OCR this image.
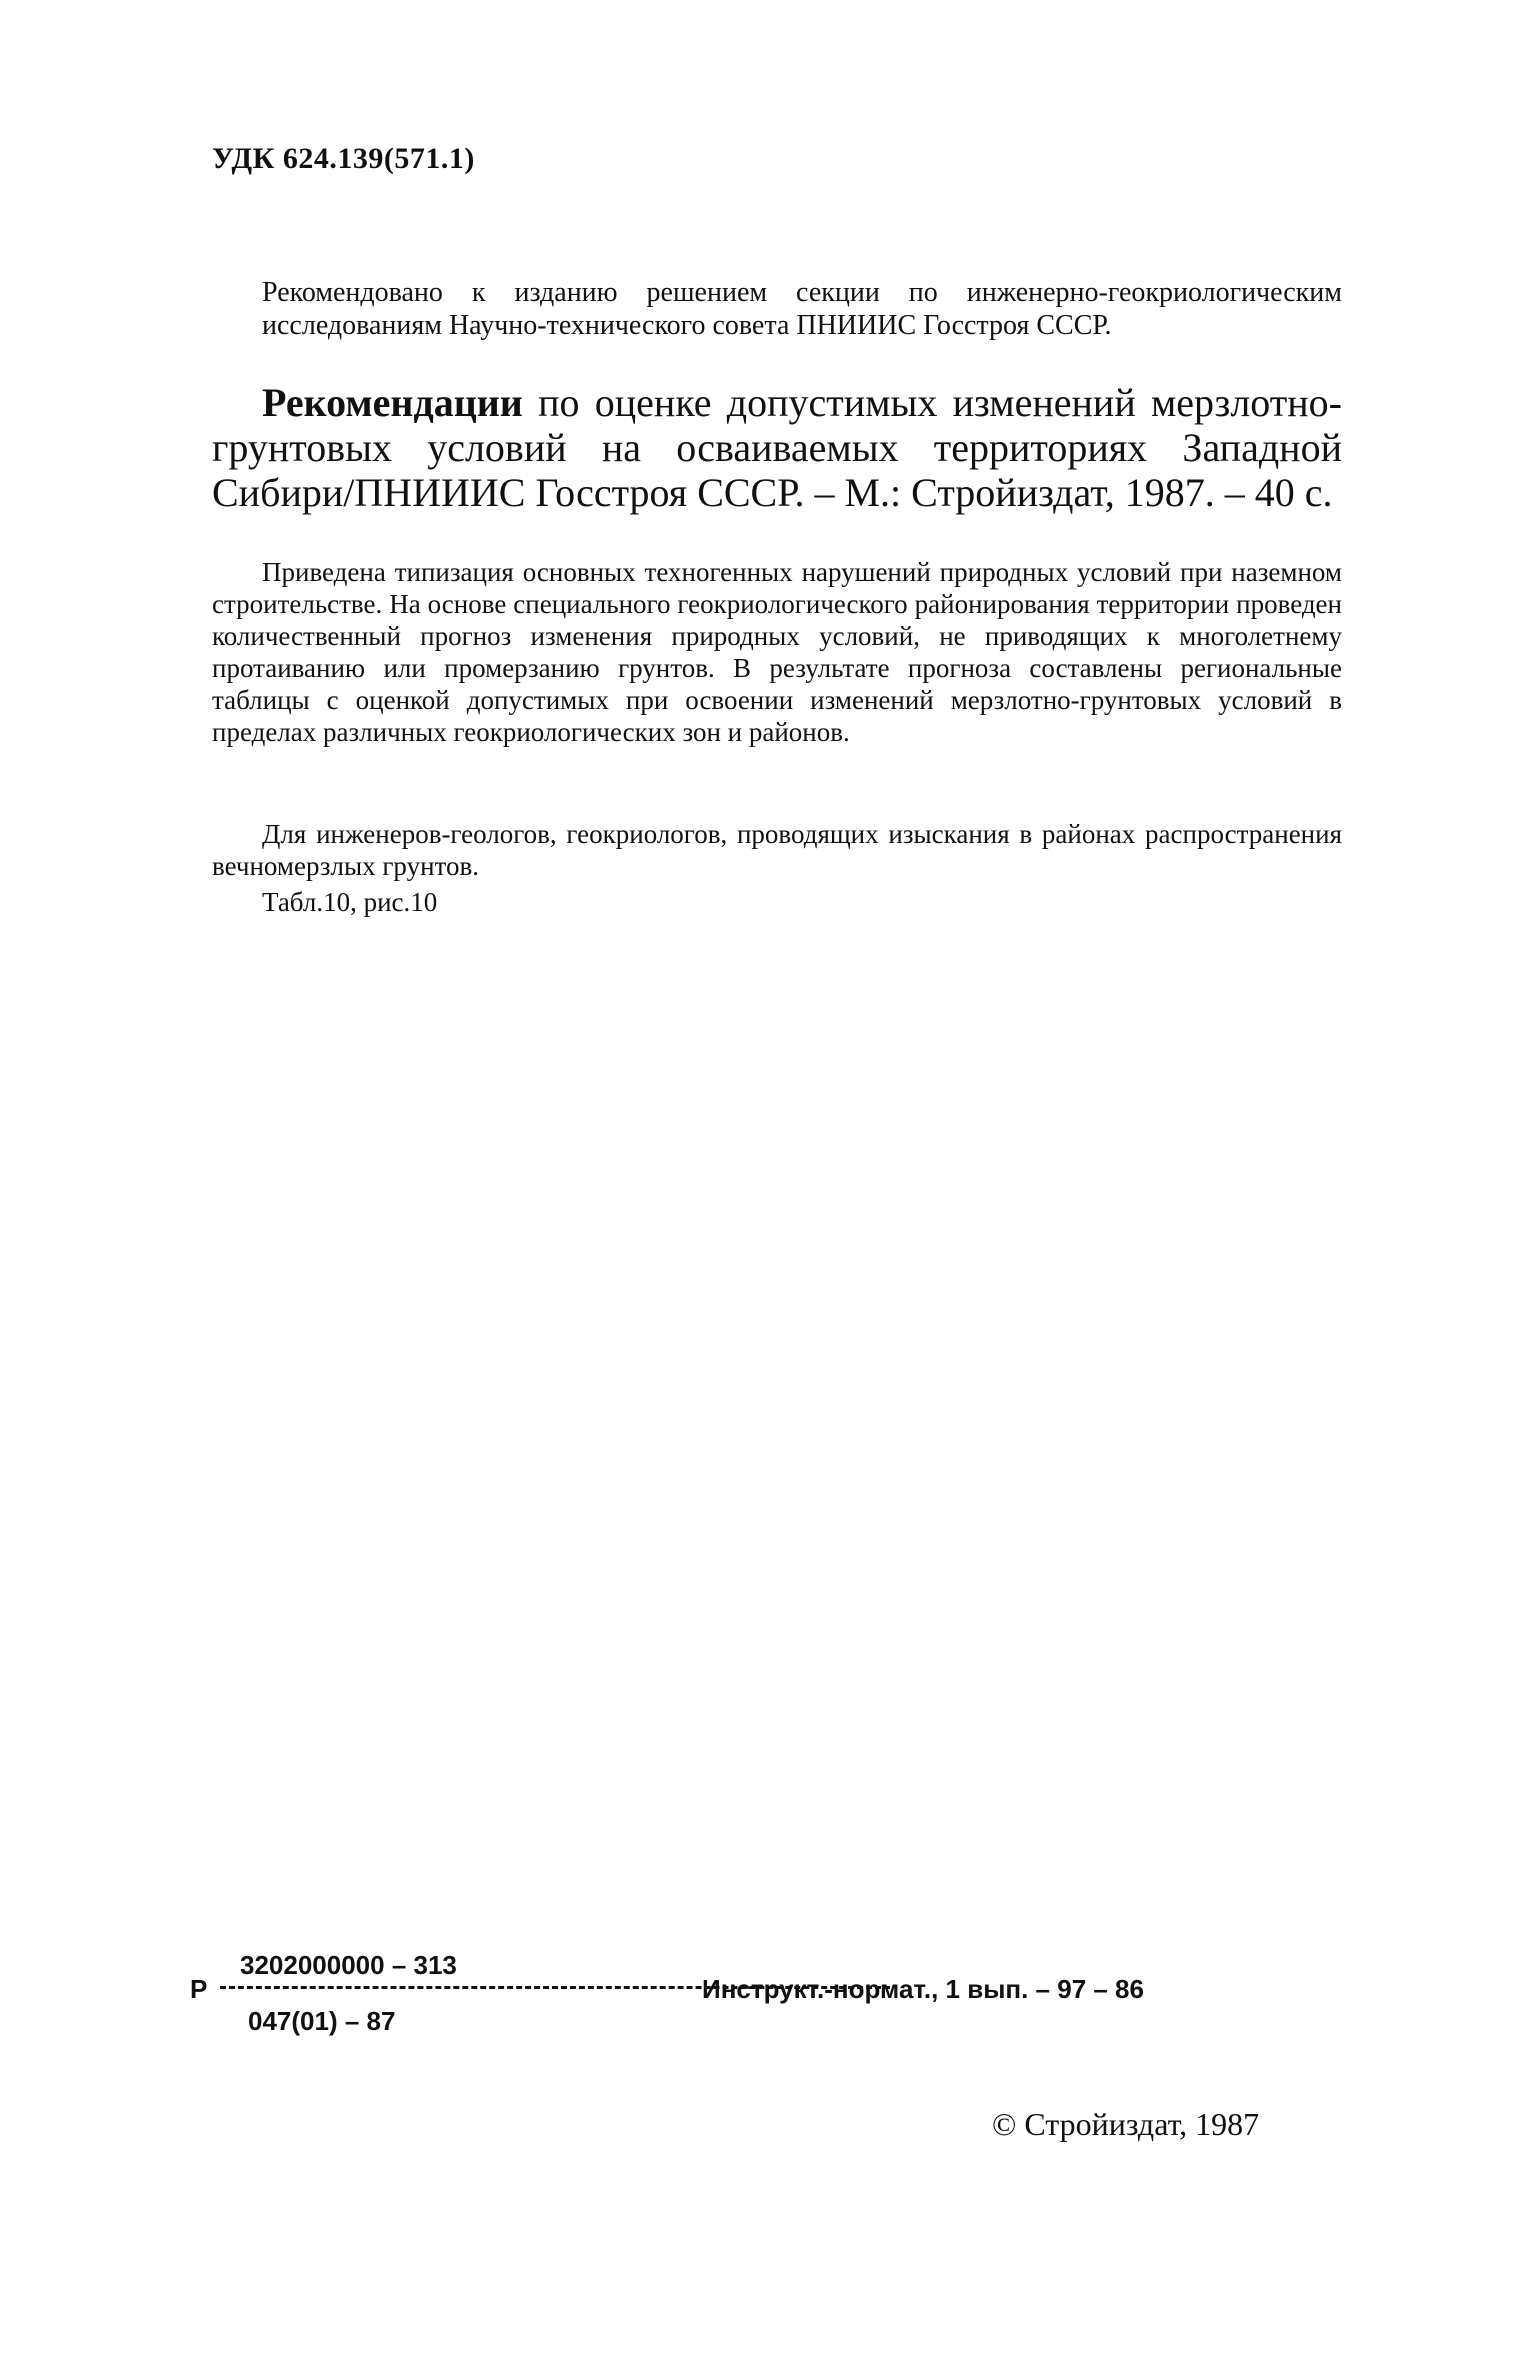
УДК 624.139(571.1)
Рекомендовано к изданию решением секции по инженерно-геокриологическим исследованиям Научно-технического совета ПНИИИС Госстроя СССР.
Рекомендации по оценке допустимых изменений мерзлотно-грунтовых условий на осваиваемых территориях Западной Сибири/ПНИИИС Госстроя СССР. – М.: Стройиздат, 1987. – 40 с.
Приведена типизация основных техногенных нарушений природных условий при наземном строительстве. На основе специального геокриологического районирования территории проведен количественный прогноз изменения природных условий, не приводящих к многолетнему протаиванию или промерзанию грунтов. В результате прогноза составлены региональные таблицы с оценкой допустимых при освоении изменений мерзлотно-грунтовых условий в пределах различных геокриологических зон и районов.
Для инженеров-геологов, геокриологов, проводящих изыскания в районах распространения вечномерзлых грунтов.
Табл.10, рис.10
Р
3202000000 – 313
047(01) – 87
Инструкт.-нормат., 1 вып. – 97 – 86
© Стройиздат, 1987
